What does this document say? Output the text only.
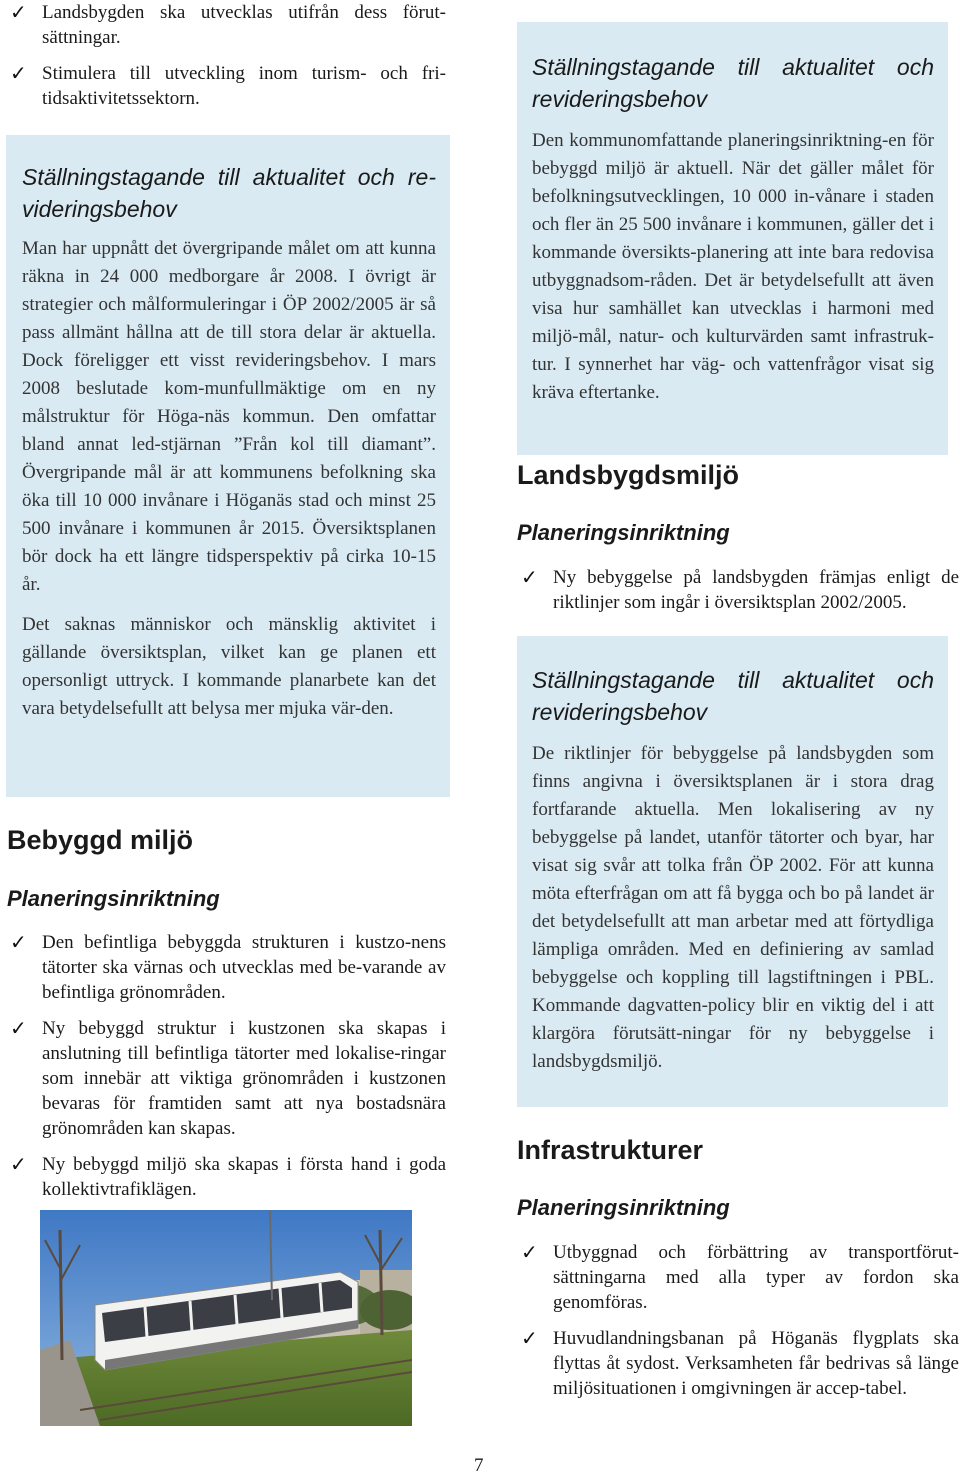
✓ Landsbygden ska utvecklas utifrån dess förut-sättningar.
✓ Stimulera till utveckling inom turism- och fri-tidsaktivitetssektorn.

Ställningstagande till aktualitet och re-videringsbehov

Man har uppnått det övergripande målet om att kunna räkna in 24 000 medborgare år 2008. I övrigt är strategier och målformuleringar i ÖP 2002/2005 är så pass allmänt hållna att de till stora delar är aktuella. Dock föreligger ett visst revideringsbehov. I mars 2008 beslutade kom-munfullmäktige om en ny målstruktur för Höga-näs kommun. Den omfattar bland annat led-stjärnan ”Från kol till diamant”. Övergripande mål är att kommunens befolkning ska öka till 10 000 invånare i Höganäs stad och minst 25 500 invånare i kommunen år 2015. Översiktsplanen bör dock ha ett längre tidsperspektiv på cirka 10-15 år.

Det saknas människor och mänsklig aktivitet i gällande översiktsplan, vilket kan ge planen ett opersonligt uttryck. I kommande planarbete kan det vara betydelsefullt att belysa mer mjuka vär-den.

Bebyggd miljö
Planeringsinriktning
✓ Den befintliga bebyggda strukturen i kustzo-nens tätorter ska värnas och utvecklas med be-varande av befintliga grönområden.
✓ Ny bebyggd struktur i kustzonen ska skapas i anslutning till befintliga tätorter med lokalise-ringar som innebär att viktiga grönområden i kustzonen bevaras för framtiden samt att nya bostadsnära grönområden kan skapas.
✓ Ny bebyggd miljö ska skapas i första hand i goda kollektivtrafiklägen.

Ställningstagande till aktualitet och revideringsbehov

Den kommunomfattande planeringsinriktning-en för bebyggd miljö är aktuell. När det gäller målet för befolkningsutvecklingen, 10 000 in-vånare i staden och fler än 25 500 invånare i kommunen, gäller det i kommande översikts-planering att inte bara redovisa utbyggnadsom-råden. Det är betydelsefullt att även visa hur samhället kan utvecklas i harmoni med miljö-mål, natur- och kulturvärden samt infrastruk-tur. I synnerhet har väg- och vattenfrågor visat sig kräva eftertanke.

Landsbygdsmiljö
Planeringsinriktning
✓ Ny bebyggelse på landsbygden främjas enligt de riktlinjer som ingår i översiktsplan 2002/2005.

Ställningstagande till aktualitet och revideringsbehov

De riktlinjer för bebyggelse på landsbygden som finns angivna i översiktsplanen är i stora drag fortfarande aktuella. Men lokalisering av ny bebyggelse på landet, utanför tätorter och byar, har visat sig svår att tolka från ÖP 2002. För att kunna möta efterfrågan om att få bygga och bo på landet är det betydelsefullt att man arbetar med att förtydliga lämpliga områden. Med en definiering av samlad bebyggelse och koppling till lagstiftningen i PBL. Kommande dagvatten-policy blir en viktig del i att klargöra förutsätt-ningar för ny bebyggelse i landsbygdsmiljö.

Infrastrukturer
Planeringsinriktning
✓ Utbyggnad och förbättring av transportförut-sättningarna med alla typer av fordon ska genomföras.
✓ Huvudlandningsbanan på Höganäs flygplats ska flyttas åt sydost. Verksamheten får bedrivas så länge miljösituationen i omgivningen är accep-tabel.
7
